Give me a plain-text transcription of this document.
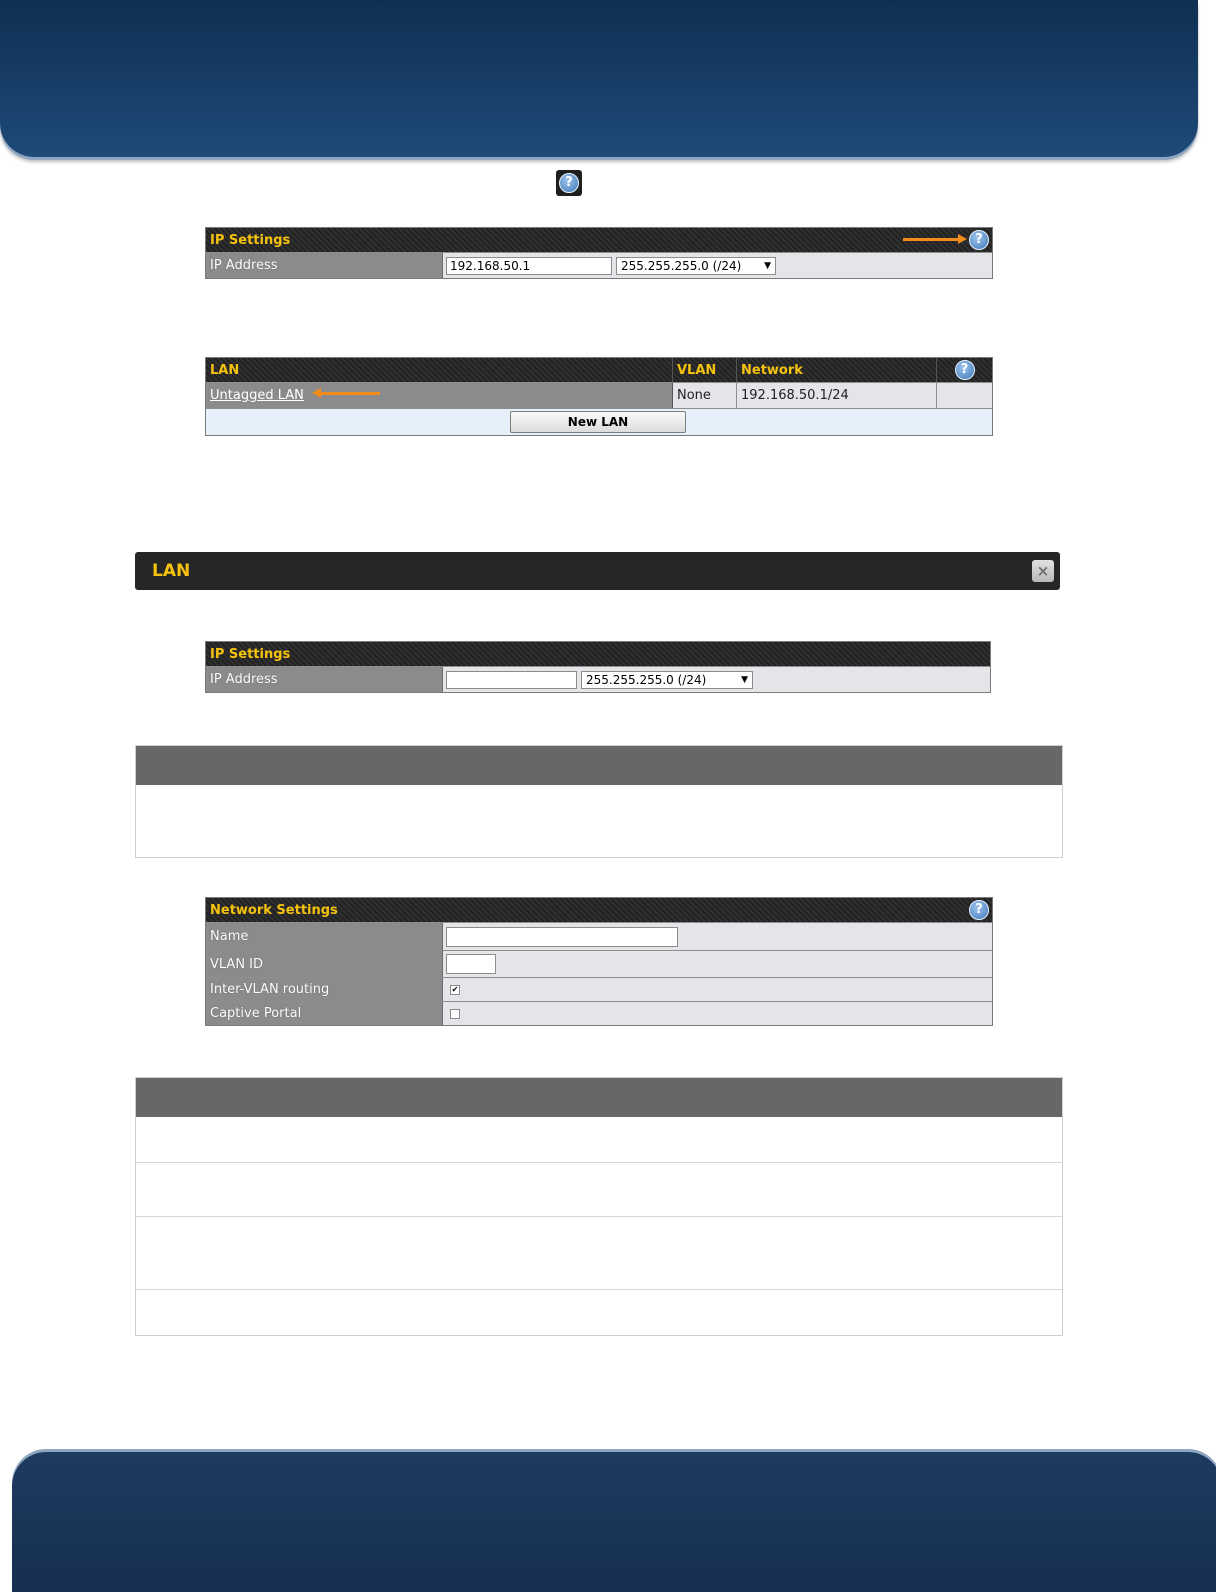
?
IP Settings	?
IP Address	192.168.50.1	255.255.255.0 (/24)	▼
LAN	VLAN	Network	?
Untagged LAN	None	192.168.50.1/24
New LAN
LAN	×
IP Settings
IP Address	255.255.255.0 (/24)	▼
Network Settings	?
Name
VLAN ID
Inter-VLAN routing	✔
Captive Portal
